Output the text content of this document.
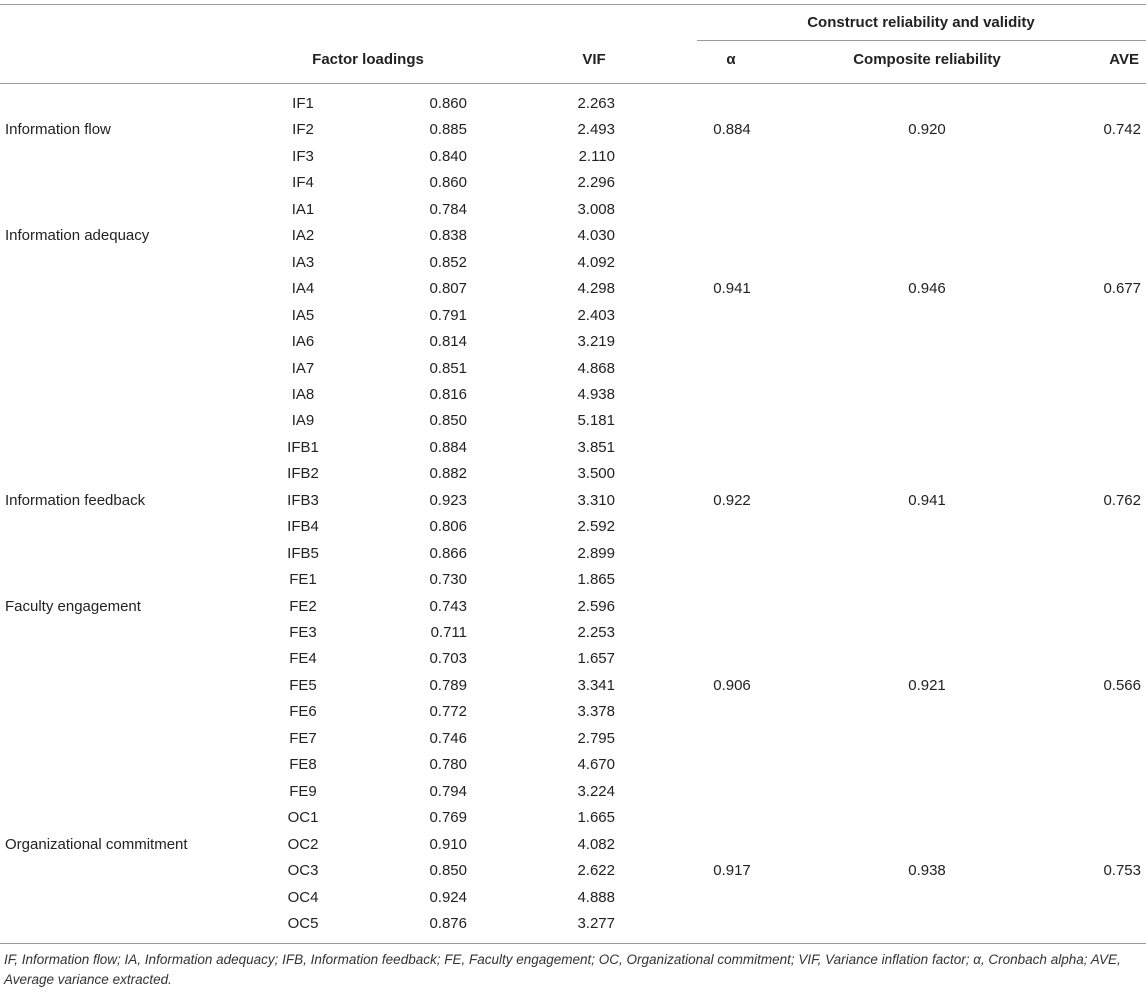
Construct reliability and validity
Factor loadings	VIF	α	Composite reliability	AVE
IF1	0.860	2.263
Information flow	IF2	0.885	2.493	0.884	0.920	0.742
IF3	0.840	2.110
IF4	0.860	2.296
IA1	0.784	3.008
Information adequacy	IA2	0.838	4.030
IA3	0.852	4.092
IA4	0.807	4.298	0.941	0.946	0.677
IA5	0.791	2.403
IA6	0.814	3.219
IA7	0.851	4.868
IA8	0.816	4.938
IA9	0.850	5.181
IFB1	0.884	3.851
IFB2	0.882	3.500
Information feedback	IFB3	0.923	3.310	0.922	0.941	0.762
IFB4	0.806	2.592
IFB5	0.866	2.899
FE1	0.730	1.865
Faculty engagement	FE2	0.743	2.596
FE3	0.711	2.253
FE4	0.703	1.657
FE5	0.789	3.341	0.906	0.921	0.566
FE6	0.772	3.378
FE7	0.746	2.795
FE8	0.780	4.670
FE9	0.794	3.224
OC1	0.769	1.665
Organizational commitment	OC2	0.910	4.082
OC3	0.850	2.622	0.917	0.938	0.753
OC4	0.924	4.888
OC5	0.876	3.277
IF, Information flow; IA, Information adequacy; IFB, Information feedback; FE, Faculty engagement; OC, Organizational commitment; VIF, Variance inflation factor; α, Cronbach alpha; AVE, Average variance extracted.
